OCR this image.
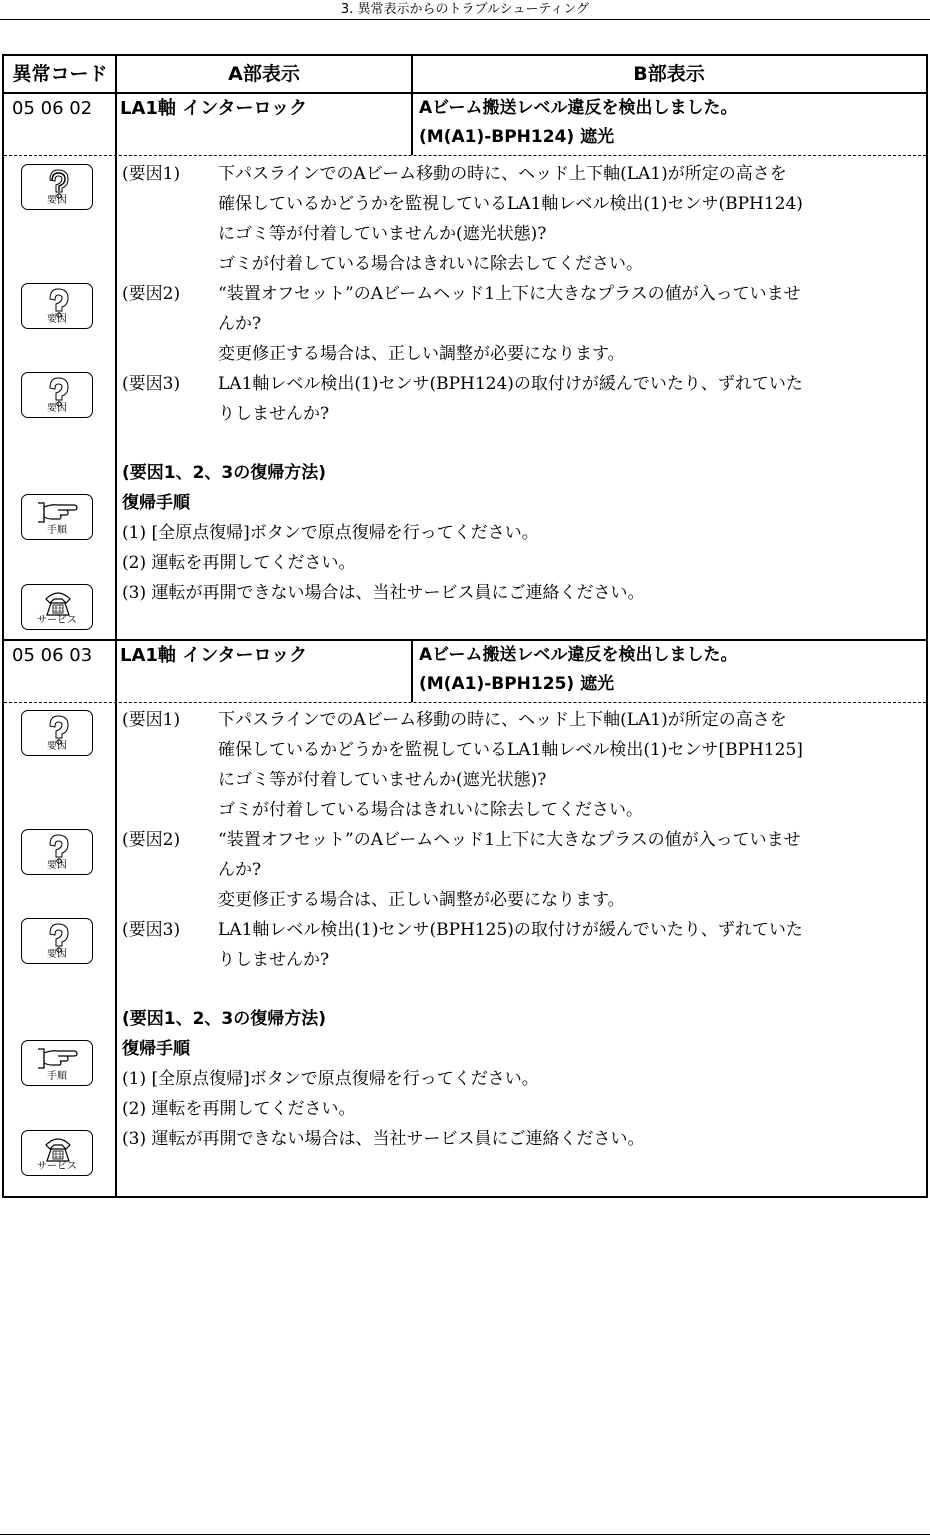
3. 異常表示からのトラブルシューティング
異常コード	A部表示	B部表示
05 06 02	LA1軸 インターロック	Aビーム搬送レベル違反を検出しました。
(M(A1)-BPH124) 遮光
要因
(要因1) 下パスラインでのAビーム移動の時に、ヘッド上下軸(LA1)が所定の高さを
確保しているかどうかを監視しているLA1軸レベル検出(1)センサ(BPH124)
にゴミ等が付着していませんか(遮光状態)?
ゴミが付着している場合はきれいに除去してください。
要因
(要因2) “装置オフセット”のAビームヘッド1上下に大きなプラスの値が入っていませ
んか?
変更修正する場合は、正しい調整が必要になります。
要因
(要因3) LA1軸レベル検出(1)センサ(BPH124)の取付けが緩んでいたり、ずれていた
りしませんか?
(要因1、2、3の復帰方法)
手順
復帰手順
(1) [全原点復帰]ボタンで原点復帰を行ってください。
(2) 運転を再開してください。
サービス
(3) 運転が再開できない場合は、当社サービス員にご連絡ください。
05 06 03	LA1軸 インターロック	Aビーム搬送レベル違反を検出しました。
(M(A1)-BPH125) 遮光
要因
(要因1) 下パスラインでのAビーム移動の時に、ヘッド上下軸(LA1)が所定の高さを
確保しているかどうかを監視しているLA1軸レベル検出(1)センサ[BPH125]
にゴミ等が付着していませんか(遮光状態)?
ゴミが付着している場合はきれいに除去してください。
要因
(要因2) “装置オフセット”のAビームヘッド1上下に大きなプラスの値が入っていませ
んか?
変更修正する場合は、正しい調整が必要になります。
要因
(要因3) LA1軸レベル検出(1)センサ(BPH125)の取付けが緩んでいたり、ずれていた
りしませんか?
(要因1、2、3の復帰方法)
手順
復帰手順
(1) [全原点復帰]ボタンで原点復帰を行ってください。
(2) 運転を再開してください。
サービス
(3) 運転が再開できない場合は、当社サービス員にご連絡ください。
